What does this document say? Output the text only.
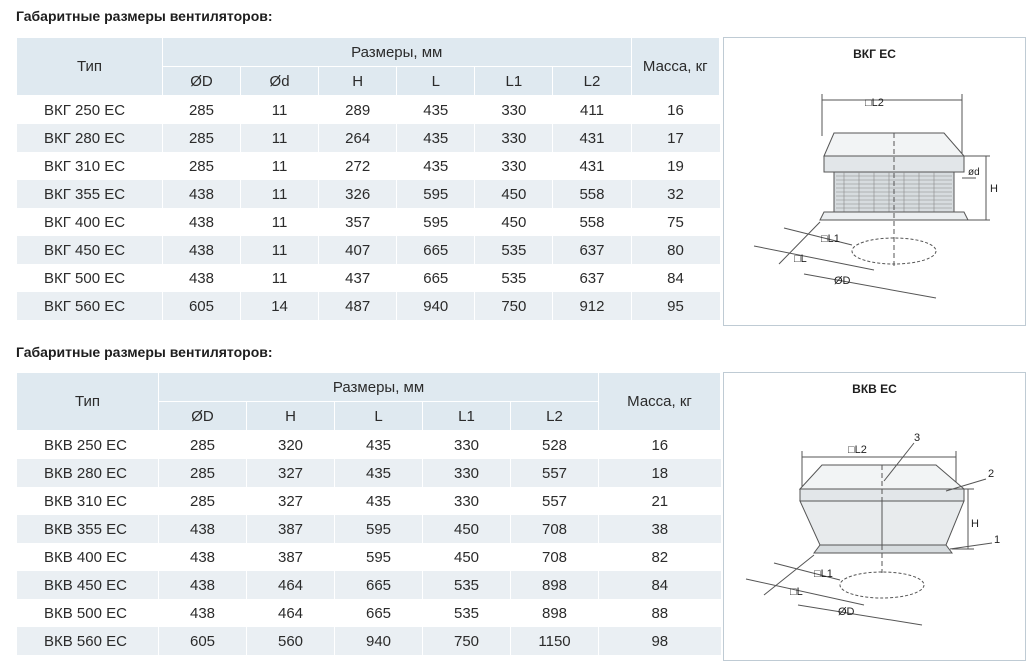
Габаритные размеры вентиляторов:
Тип	Размеры, мм						Масса, кг
	ØD	Ød	H	L	L1	L2	
ВКГ 250 ЕС	285	11	289	435	330	411	16
ВКГ 280 ЕС	285	11	264	435	330	431	17
ВКГ 310 ЕС	285	11	272	435	330	431	19
ВКГ 355 ЕС	438	11	326	595	450	558	32
ВКГ 400 ЕС	438	11	357	595	450	558	75
ВКГ 450 ЕС	438	11	407	665	535	637	80
ВКГ 500 ЕС	438	11	437	665	535	637	84
ВКГ 560 ЕС	605	14	487	940	750	912	95
ВКГ ЕС
□L2
ød
H
□L1
□L
ØD
Габаритные размеры вентиляторов:
Тип	Размеры, мм					Масса, кг
	ØD	H	L	L1	L2	
ВКВ 250 ЕС	285	320	435	330	528	16
ВКВ 280 ЕС	285	327	435	330	557	18
ВКВ 310 ЕС	285	327	435	330	557	21
ВКВ 355 ЕС	438	387	595	450	708	38
ВКВ 400 ЕС	438	387	595	450	708	82
ВКВ 450 ЕС	438	464	665	535	898	84
ВКВ 500 ЕС	438	464	665	535	898	88
ВКВ 560 ЕС	605	560	940	750	1150	98
ВКВ ЕС
□L2
3
2
H
1
□L1
□L
ØD
